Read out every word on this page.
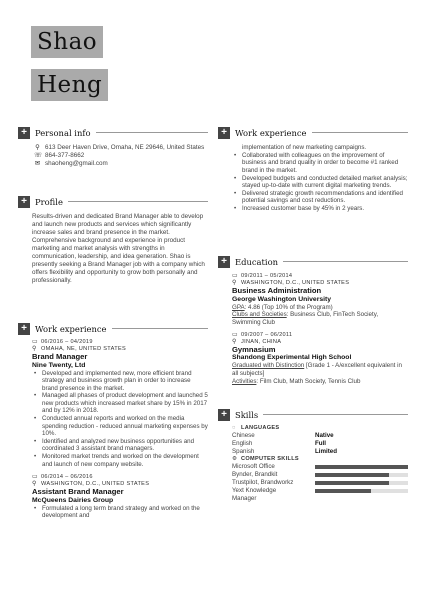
Shao
Heng
+ Personal info
⚲ 613 Deer Haven Drive, Omaha, NE 29646, United States
☏ 864-377-8662
✉ shaoheng@gmail.com
+ Profile
Results-driven and dedicated Brand Manager able to develop and launch new products and services which significantly increase sales and brand presence in the market. Comprehensive background and experience in product marketing and market analysis with strengths in communication, leadership, and idea generation. Shao is presently seeking a Brand Manager job with a company which offers flexibility and opportunity to grow both personally and professionally.
+ Work experience
▭ 06/2016 – 04/2019
⚲ OMAHA, NE, UNITED STATES
Brand Manager
Nine Twenty, Ltd
• Developed and implemented new, more efficient brand strategy and business growth plan in order to increase brand presence in the market.
• Managed all phases of product development and launched 5 new products which increased market share by 15% in 2017 and by 12% in 2018.
• Conducted annual reports and worked on the media spending reduction - reduced annual marketing expenses by 10%.
• Identified and analyzed new business opportunities and coordinated 3 assistant brand managers.
• Monitored market trends and worked on the development and launch of new company website.
▭ 06/2014 – 06/2016
⚲ WASHINGTON, D.C., UNITED STATES
Assistant Brand Manager
McQueens Dairies Group
• Formulated a long term brand strategy and worked on the development and
+ Work experience
implementation of new marketing campaigns.
• Collaborated with colleagues on the improvement of business and brand quality in order to become #1 ranked brand in the market.
• Developed budgets and conducted detailed market analysis; stayed up-to-date with current digital marketing trends.
• Delivered strategic growth recommendations and identified potential savings and cost reductions.
• Increased customer base by 45% in 2 years.
+ Education
▭ 09/2011 – 05/2014
⚲ WASHINGTON, D.C., UNITED STATES
Business Administration
George Washington University
GPA: 4.86 (Top 10% of the Program)
Clubs and Societies: Business Club, FinTech Society, Swimming Club
▭ 09/2007 – 06/2011
⚲ JINAN, CHINA
Gymnasium
Shandong Experimental High School
Graduated with Distinction [Grade 1 - A/excellent equivalent in all subjects]
Activities: Film Club, Math Society, Tennis Club
+ Skills
◌ LANGUAGES
Chinese	Native
English	Full
Spanish	Limited
⚙ COMPUTER SKILLS
Microsoft Office
Bynder, Brandkit
Trustpilot, Brandworkz
Yext Knowledge Manager
